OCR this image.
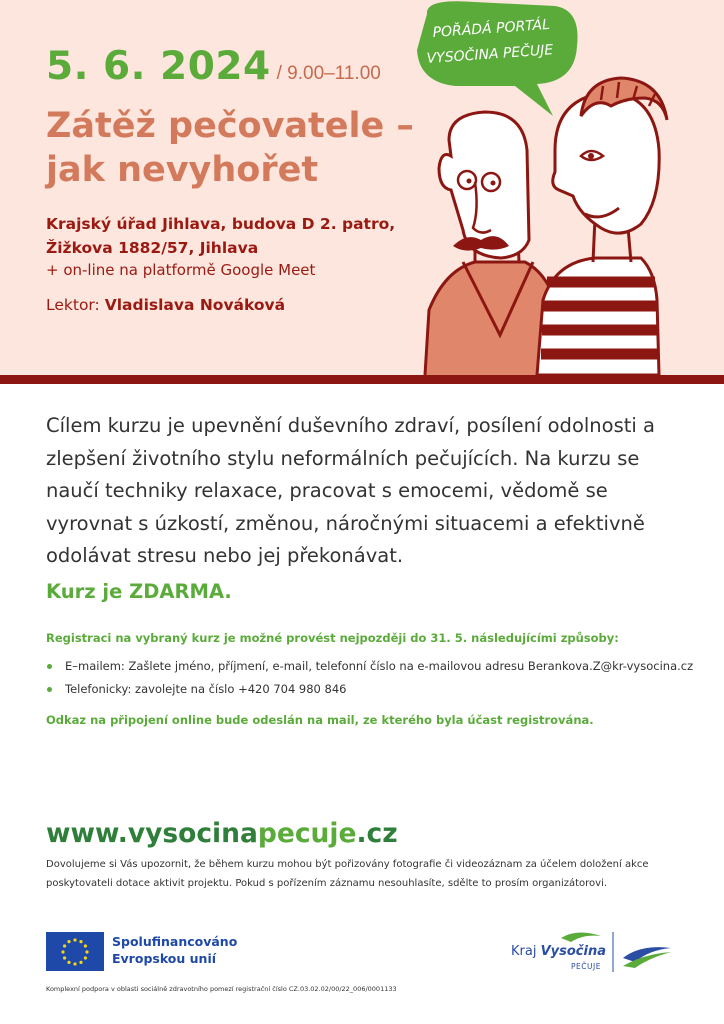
5. 6. 2024 / 9.00–11.00
Zátěž pečovatele – jak nevyhořet
Krajský úřad Jihlava, budova D 2. patro,
Žižkova 1882/57, Jihlava
+ on-line na platformě Google Meet
Lektor: Vladislava Nováková
POŘÁDÁ PORTÁL
VYSOČINA PEČUJE

Cílem kurzu je upevnění duševního zdraví, posílení odolnosti a zlepšení životního stylu neformálních pečujících. Na kurzu se naučí techniky relaxace, pracovat s emocemi, vědomě se vyrovnat s úzkostí, změnou, náročnými situacemi a efektivně odolávat stresu nebo jej překonávat.

Kurz je ZDARMA.
Registraci na vybraný kurz je možné provést nejpozději do 31. 5. následujícími způsoby:
E–mailem: Zašlete jméno, příjmení, e-mail, telefonní číslo na e-mailovou adresu Berankova.Z@kr-vysocina.cz
Telefonicky: zavolejte na číslo +420 704 980 846
Odkaz na připojení online bude odeslán na mail, ze kterého byla účast registrována.
www.vysocinapecuje.cz

Dovolujeme si Vás upozornit, že během kurzu mohou být pořizovány fotografie či videozáznam za účelem doložení akce poskytovateli dotace aktivit projektu. Pokud s pořízením záznamu nesouhlasíte, sdělte to prosím organizátorovi.

Spolufinancováno
Evropskou unií	Kraj Vysočina
PEČUJE
Komplexní podpora v oblasti sociálně zdravotního pomezí registrační číslo CZ.03.02.02/00/22_006/0001133
